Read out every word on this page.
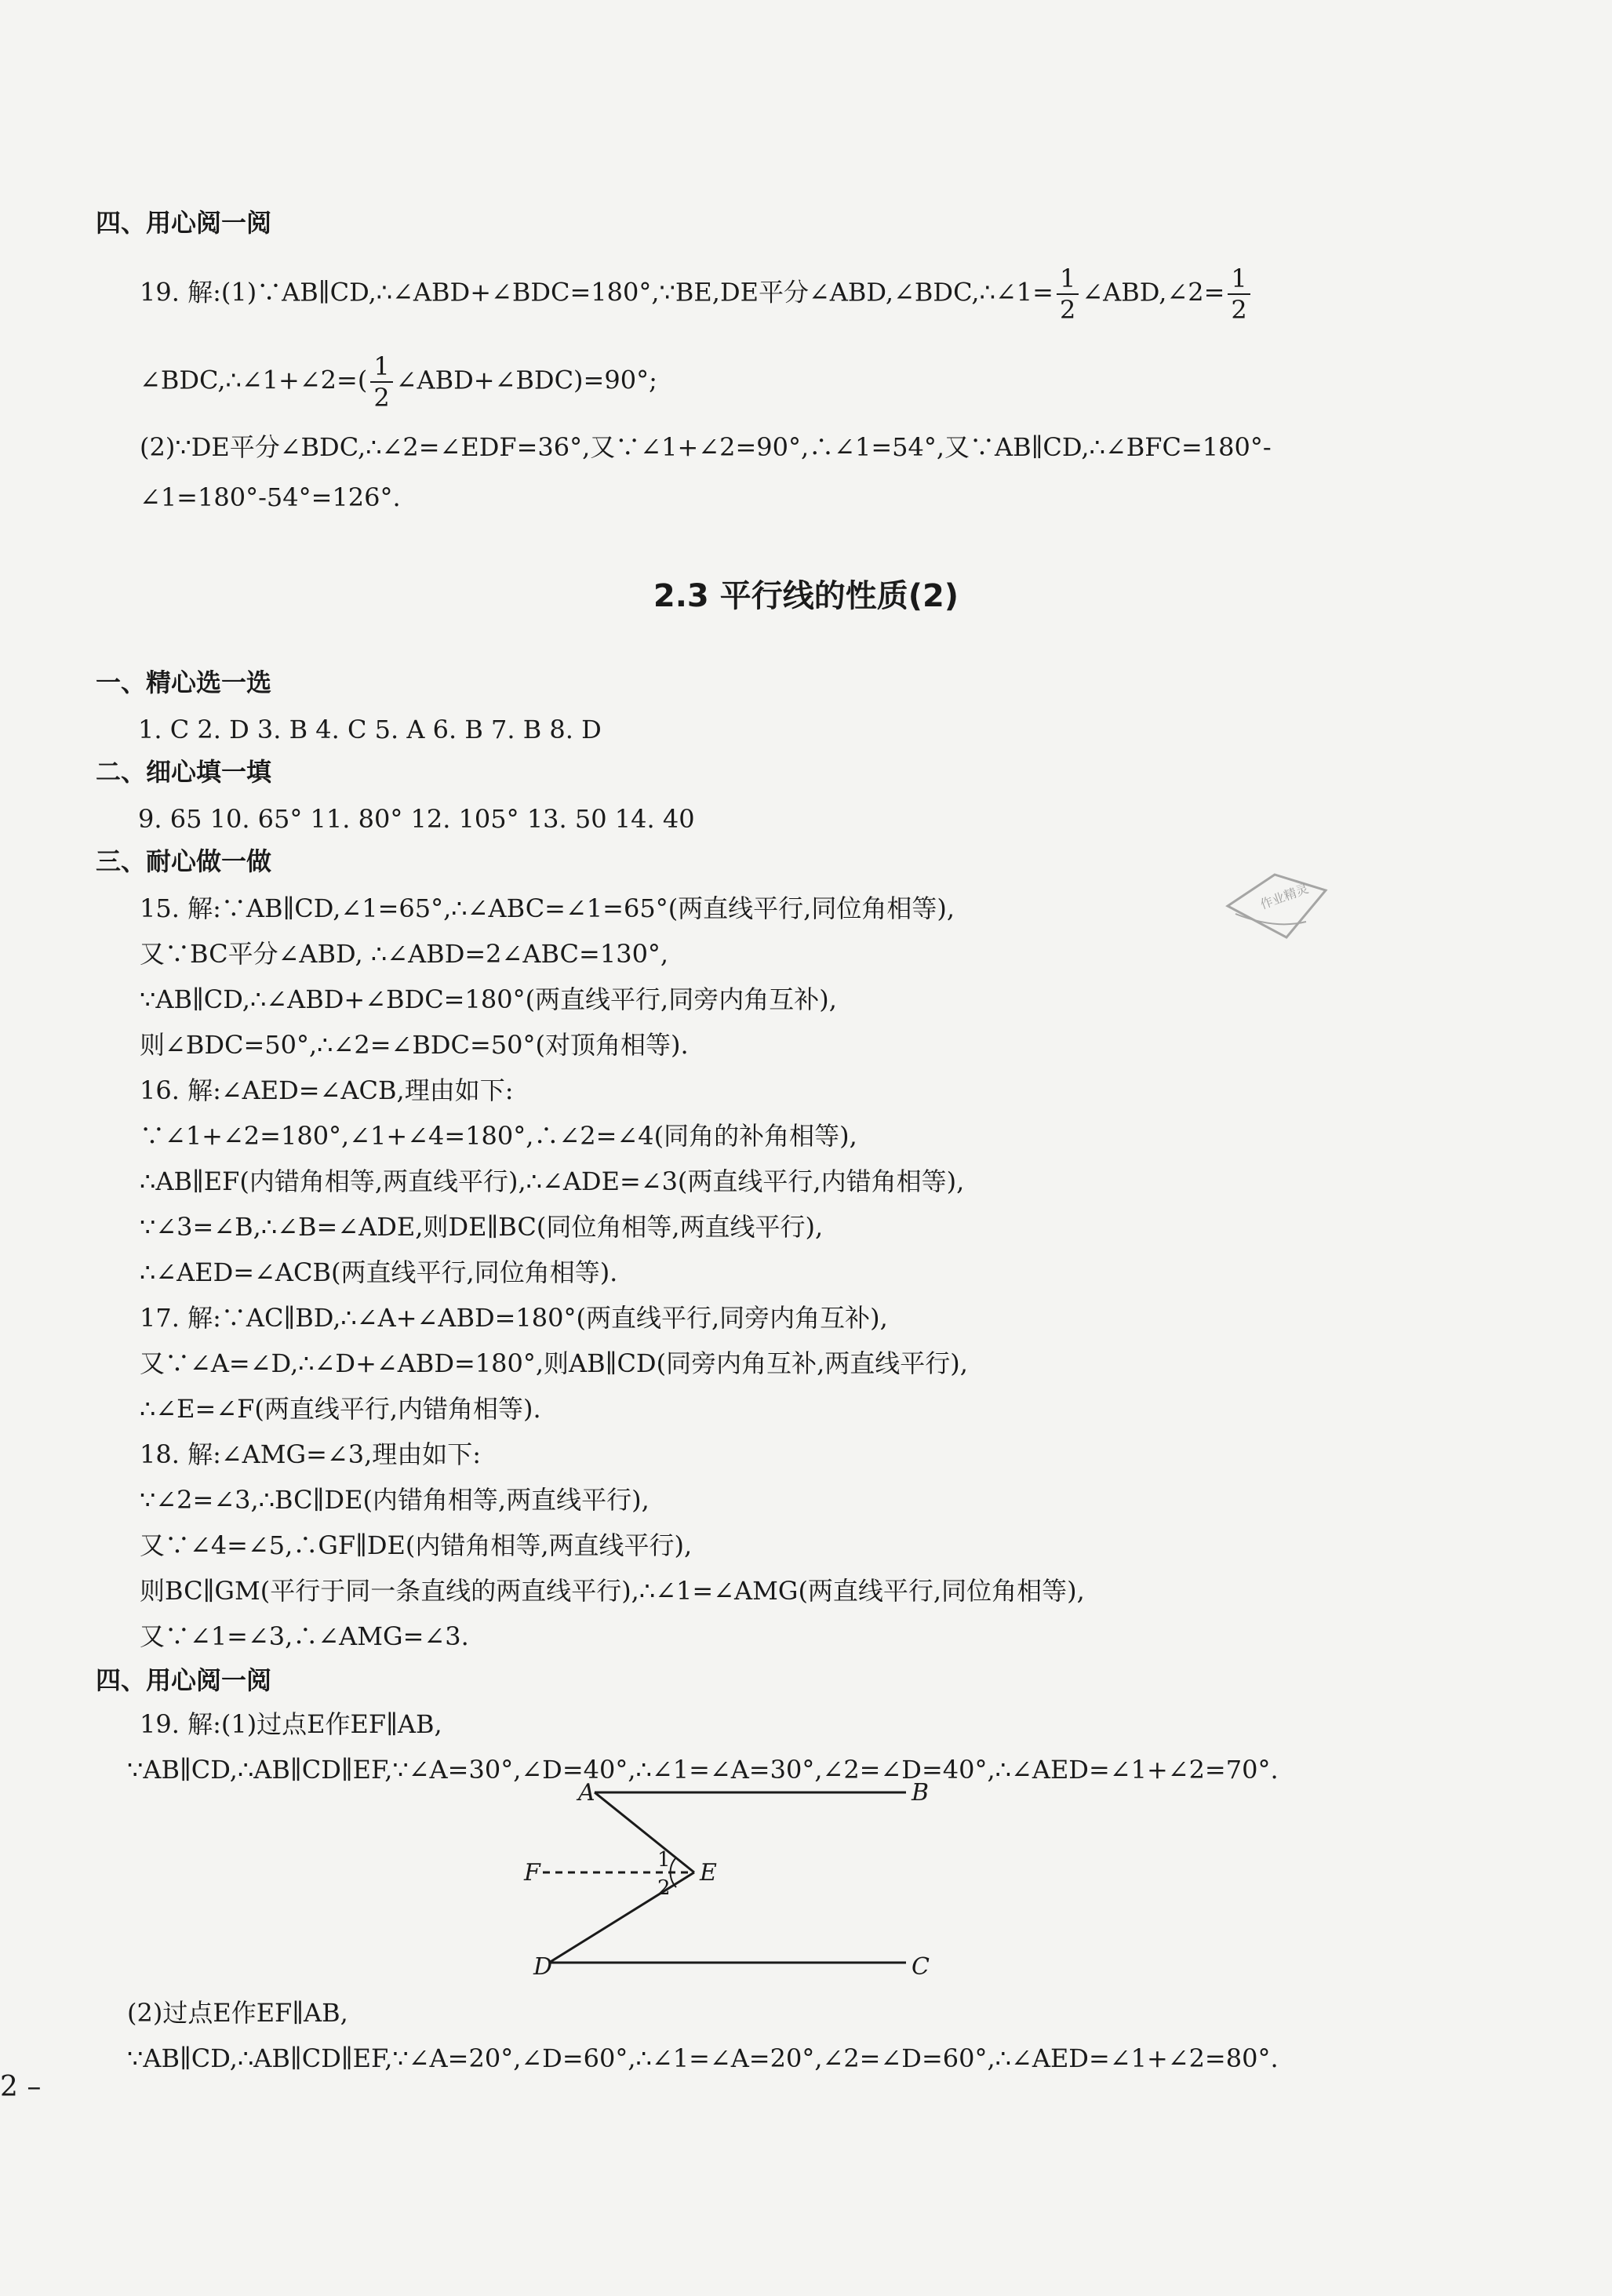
四、用心阅一阅
19. 解:(1)∵AB∥CD,∴∠ABD+∠BDC=180°,∵BE,DE平分∠ABD,∠BDC,∴∠1= $\frac{1}{2}$ ∠ABD,∠2= $\frac{1}{2}$
∠BDC,∴∠1+∠2=( $\frac{1}{2}$ ∠ABD+∠BDC)=90°;
(2)∵DE平分∠BDC,∴∠2=∠EDF=36°,又∵∠1+∠2=90°,∴∠1=54°,又∵AB∥CD,∴∠BFC=180°-
∠1=180°-54°=126°.
2.3 平行线的性质(2)
一、精心选一选
1. C 2. D 3. B 4. C 5. A 6. B 7. B 8. D
二、细心填一填
9. 65 10. 65° 11. 80° 12. 105° 13. 50 14. 40
三、耐心做一做
15. 解:∵AB∥CD,∠1=65°,∴∠ABC=∠1=65°(两直线平行,同位角相等),
又∵BC平分∠ABD, ∴∠ABD=2∠ABC=130°,
∵AB∥CD,∴∠ABD+∠BDC=180°(两直线平行,同旁内角互补),
则∠BDC=50°,∴∠2=∠BDC=50°(对顶角相等).
16. 解:∠AED=∠ACB,理由如下:
∵∠1+∠2=180°,∠1+∠4=180°,∴∠2=∠4(同角的补角相等),
∴AB∥EF(内错角相等,两直线平行),∴∠ADE=∠3(两直线平行,内错角相等),
∵∠3=∠B,∴∠B=∠ADE,则DE∥BC(同位角相等,两直线平行),
∴∠AED=∠ACB(两直线平行,同位角相等).
17. 解:∵AC∥BD,∴∠A+∠ABD=180°(两直线平行,同旁内角互补),
又∵∠A=∠D,∴∠D+∠ABD=180°,则AB∥CD(同旁内角互补,两直线平行),
∴∠E=∠F(两直线平行,内错角相等).
18. 解:∠AMG=∠3,理由如下:
∵∠2=∠3,∴BC∥DE(内错角相等,两直线平行),
又∵∠4=∠5,∴GF∥DE(内错角相等,两直线平行),
则BC∥GM(平行于同一条直线的两直线平行),∴∠1=∠AMG(两直线平行,同位角相等),
又∵∠1=∠3,∴∠AMG=∠3.
四、用心阅一阅
19. 解:(1)过点E作EF∥AB,
∵AB∥CD,∴AB∥CD∥EF,∵∠A=30°,∠D=40°,∴∠1=∠A=30°,∠2=∠D=40°,∴∠AED=∠1+∠2=70°.
A	B
E
F
D	C
1
2
(2)过点E作EF∥AB,
∵AB∥CD,∴AB∥CD∥EF,∵∠A=20°,∠D=60°,∴∠1=∠A=20°,∠2=∠D=60°,∴∠AED=∠1+∠2=80°.
作业精灵
2 –
